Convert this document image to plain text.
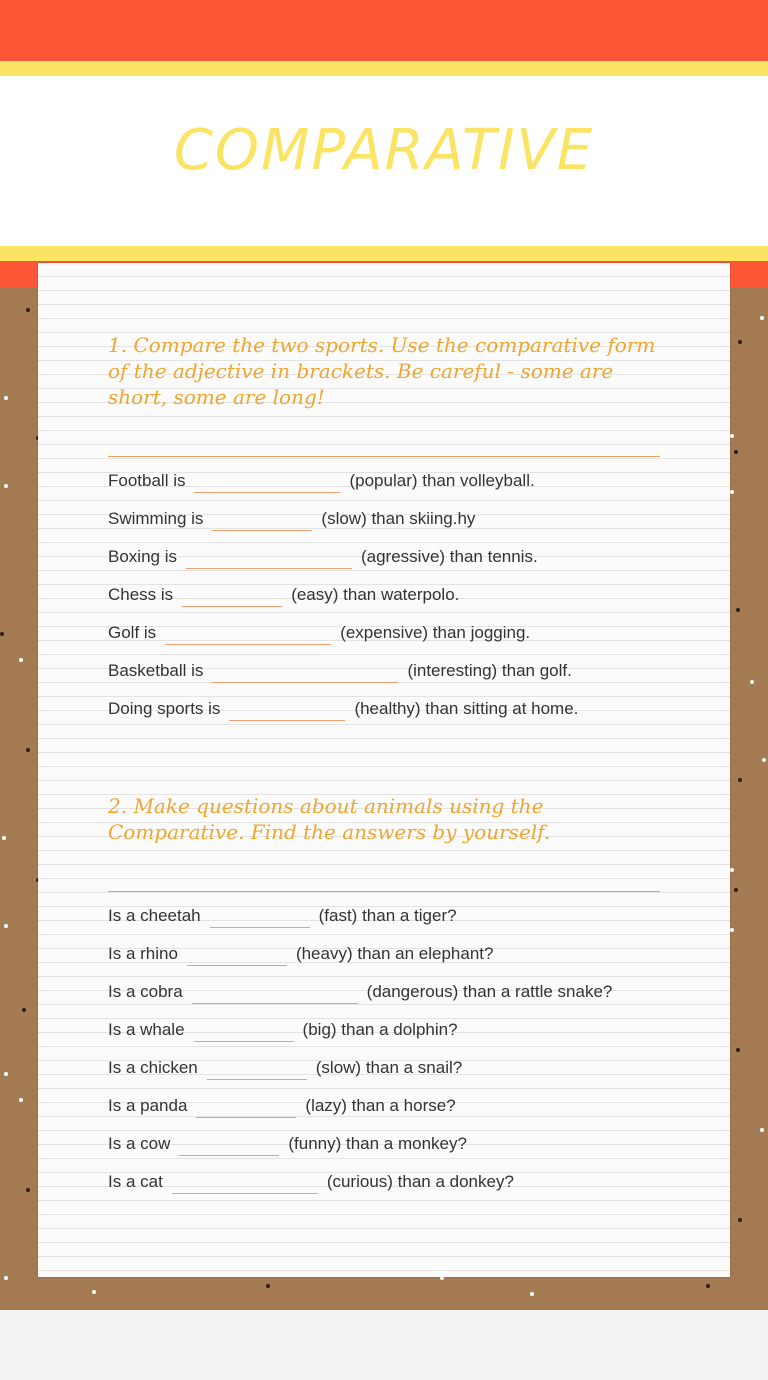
COMPARATIVE

1. Compare the two sports. Use the comparative form of the adjective in brackets. Be careful - some are short, some are long!

Football is	(popular) than volleyball.
Swimming is	(slow) than skiing.hy
Boxing is	(agressive) than tennis.
Chess is	(easy) than waterpolo.
Golf is	(expensive) than jogging.
Basketball is	(interesting) than golf.
Doing sports is	(healthy) than sitting at home.

2. Make questions about animals using the Comparative. Find the answers by yourself.

Is a cheetah	(fast) than a tiger?
Is a rhino	(heavy) than an elephant?
Is a cobra	(dangerous) than a rattle snake?
Is a whale	(big) than a dolphin?
Is a chicken	(slow) than a snail?
Is a panda	(lazy) than a horse?
Is a cow	(funny) than a monkey?
Is a cat	(curious) than a donkey?
